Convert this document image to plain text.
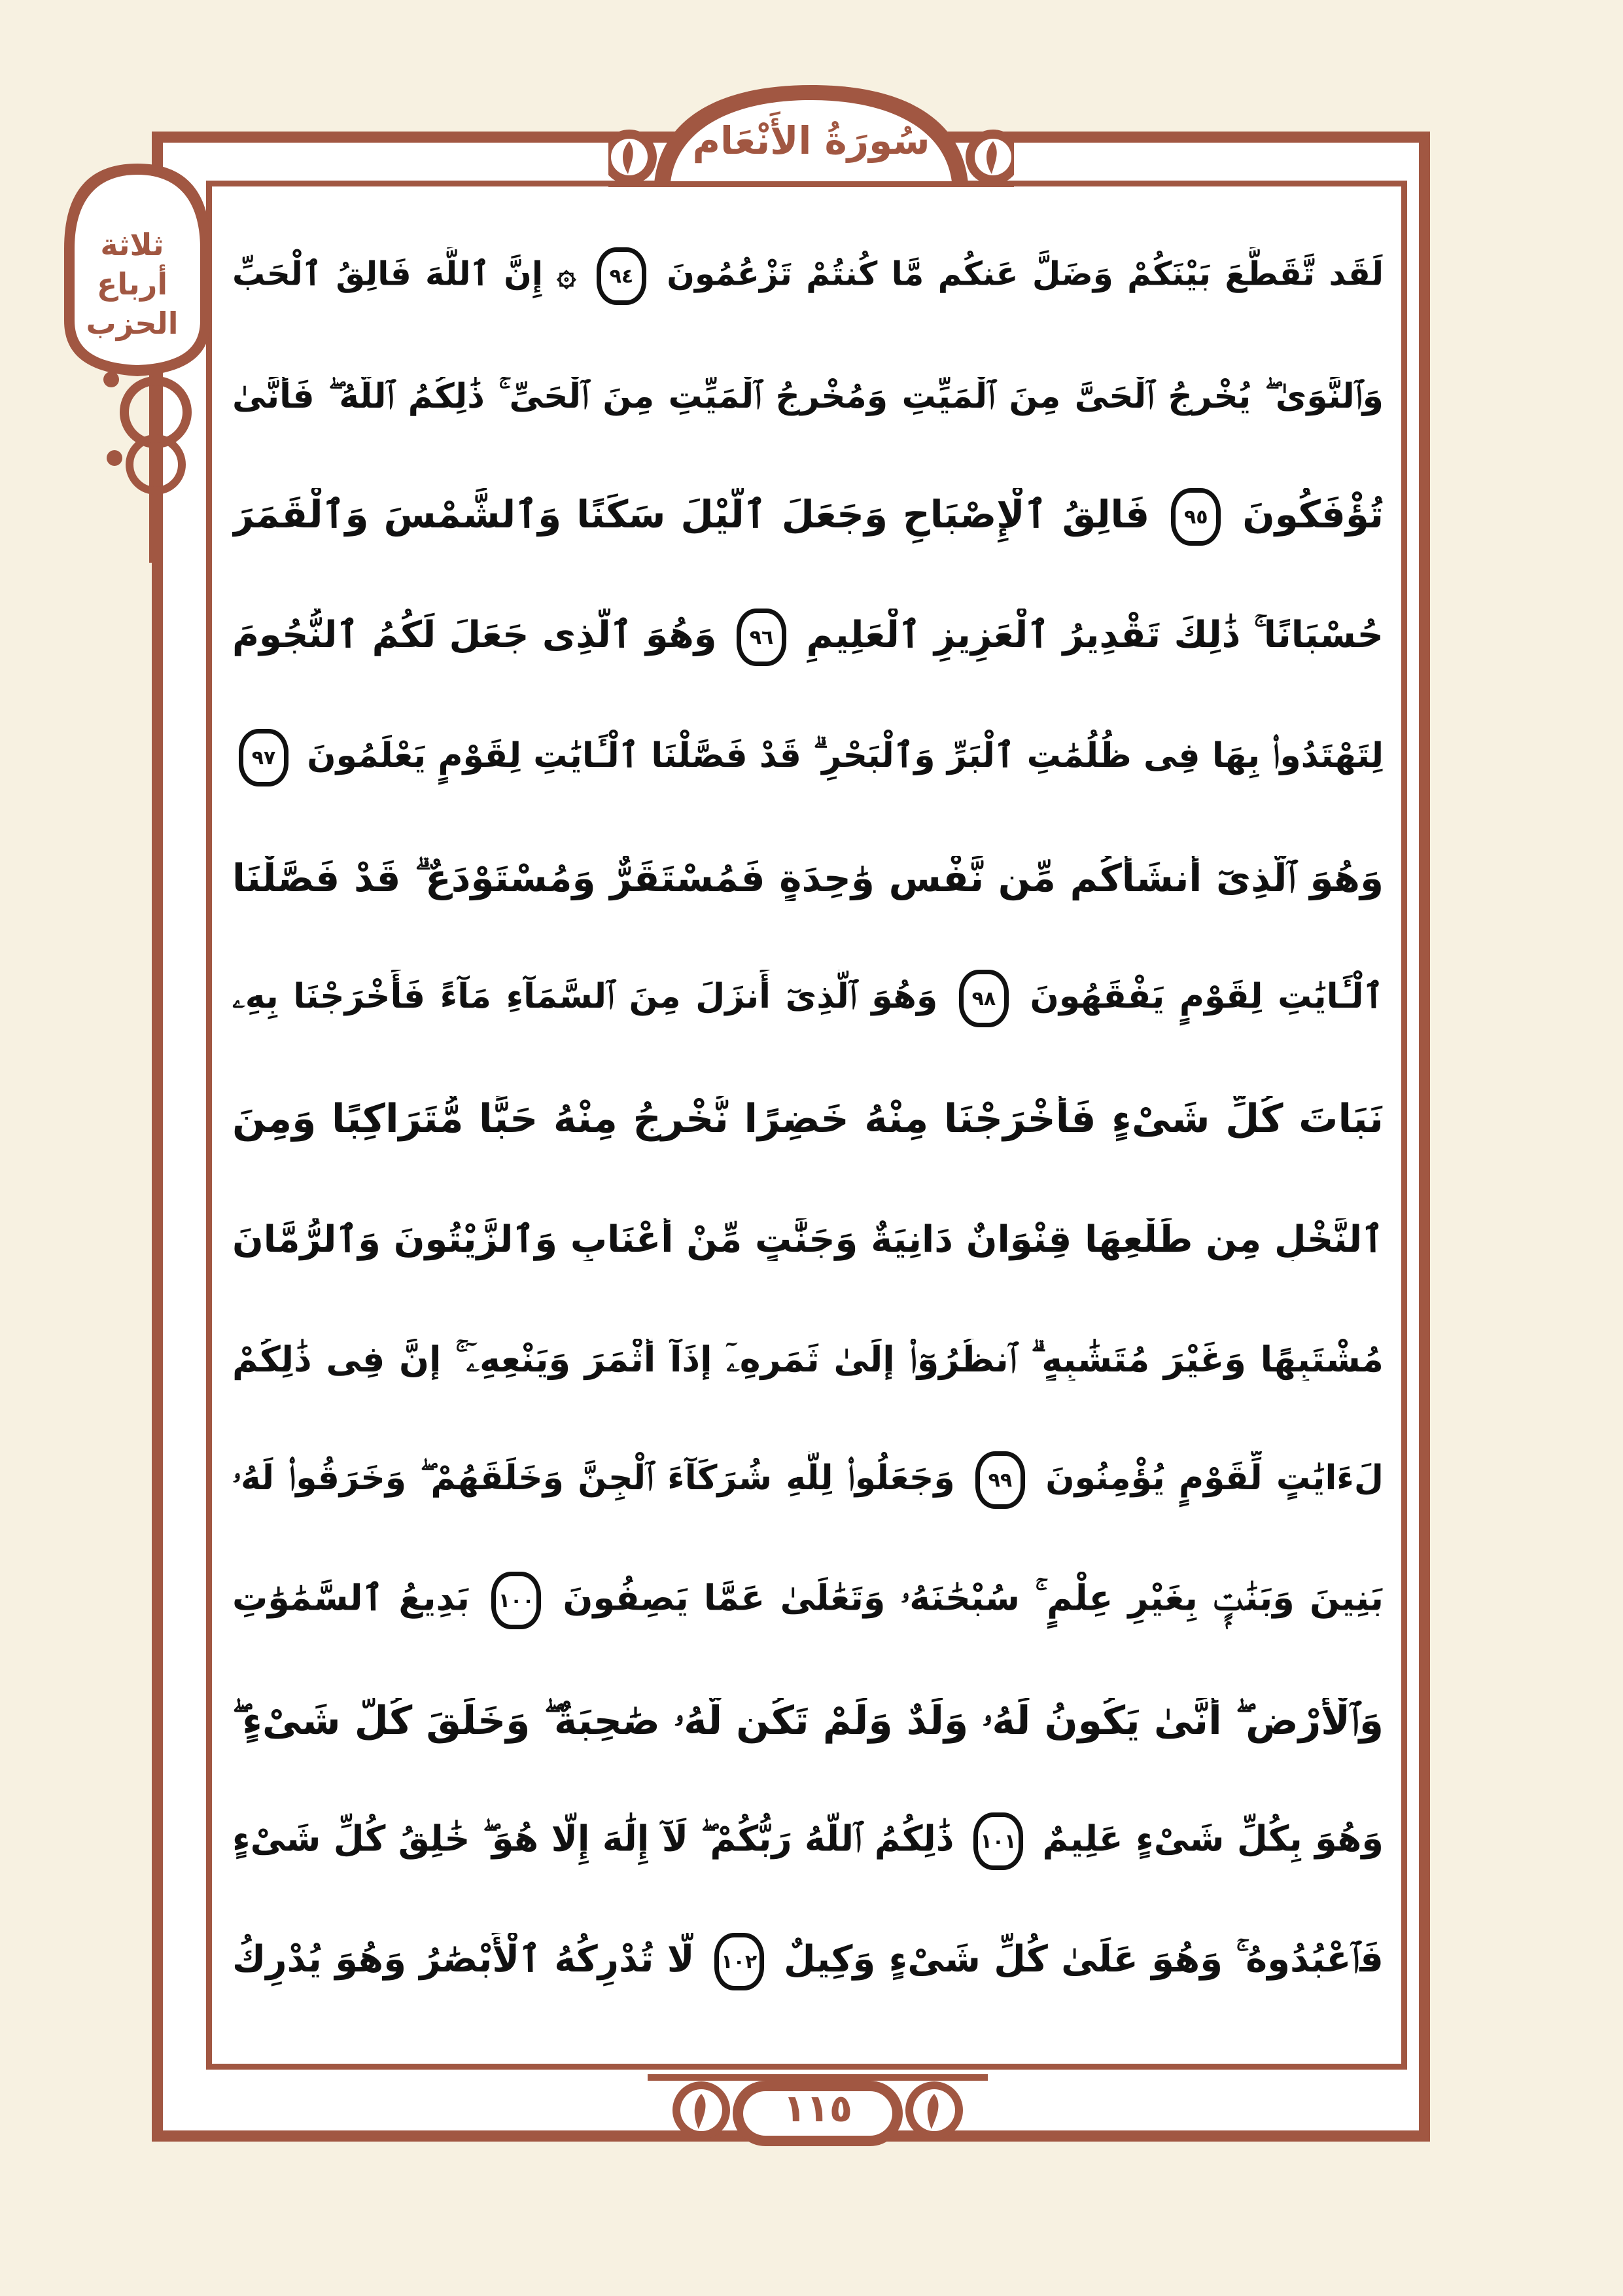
سُورَةُ الأَنْعَام
ثلاثة
أرباع
الحزب
١١٥
لَقَد تَّقَطَّعَ بَيْنَكُمْ وَضَلَّ عَنكُم مَّا كُنتُمْ تَزْعُمُونَ ٩٤ ۞ إِنَّ ٱللَّهَ فَالِقُ ٱلْحَبِّ
وَٱلنَّوَىٰ ۖ يُخْرِجُ ٱلْحَىَّ مِنَ ٱلْمَيِّتِ وَمُخْرِجُ ٱلْمَيِّتِ مِنَ ٱلْحَىِّ ۚ ذَٰلِكُمُ ٱللَّهُ ۖ فَأَنَّىٰ
تُؤْفَكُونَ ٩٥ فَالِقُ ٱلْإِصْبَاحِ وَجَعَلَ ٱلَّيْلَ سَكَنًا وَٱلشَّمْسَ وَٱلْقَمَرَ
حُسْبَانًا ۚ ذَٰلِكَ تَقْدِيرُ ٱلْعَزِيزِ ٱلْعَلِيمِ ٩٦ وَهُوَ ٱلَّذِى جَعَلَ لَكُمُ ٱلنُّجُومَ
لِتَهْتَدُوا۟ بِهَا فِى ظُلُمَٰتِ ٱلْبَرِّ وَٱلْبَحْرِ ۗ قَدْ فَصَّلْنَا ٱلْـَٔايَٰتِ لِقَوْمٍ يَعْلَمُونَ ٩٧
وَهُوَ ٱلَّذِىٓ أَنشَأَكُم مِّن نَّفْسٍ وَٰحِدَةٍ فَمُسْتَقَرٌّ وَمُسْتَوْدَعٌ ۗ قَدْ فَصَّلْنَا
ٱلْـَٔايَٰتِ لِقَوْمٍ يَفْقَهُونَ ٩٨ وَهُوَ ٱلَّذِىٓ أَنزَلَ مِنَ ٱلسَّمَآءِ مَآءً فَأَخْرَجْنَا بِهِۦ
نَبَاتَ كُلِّ شَىْءٍ فَأَخْرَجْنَا مِنْهُ خَضِرًا نُّخْرِجُ مِنْهُ حَبًّا مُّتَرَاكِبًا وَمِنَ
ٱلنَّخْلِ مِن طَلْعِهَا قِنْوَانٌ دَانِيَةٌ وَجَنَّٰتٍ مِّنْ أَعْنَابٍ وَٱلزَّيْتُونَ وَٱلرُّمَّانَ
مُشْتَبِهًا وَغَيْرَ مُتَشَٰبِهٍ ۗ ٱنظُرُوٓا۟ إِلَىٰ ثَمَرِهِۦٓ إِذَآ أَثْمَرَ وَيَنْعِهِۦٓ ۚ إِنَّ فِى ذَٰلِكُمْ
لَءَايَٰتٍ لِّقَوْمٍ يُؤْمِنُونَ ٩٩ وَجَعَلُوا۟ لِلَّهِ شُرَكَآءَ ٱلْجِنَّ وَخَلَقَهُمْ ۖ وَخَرَقُوا۟ لَهُۥ
بَنِينَ وَبَنَٰتٍۭ بِغَيْرِ عِلْمٍ ۚ سُبْحَٰنَهُۥ وَتَعَٰلَىٰ عَمَّا يَصِفُونَ ١٠٠ بَدِيعُ ٱلسَّمَٰوَٰتِ
وَٱلْأَرْضِ ۖ أَنَّىٰ يَكُونُ لَهُۥ وَلَدٌ وَلَمْ تَكُن لَّهُۥ صَٰحِبَةٌ ۖ وَخَلَقَ كُلَّ شَىْءٍ ۖ
وَهُوَ بِكُلِّ شَىْءٍ عَلِيمٌ ١٠١ ذَٰلِكُمُ ٱللَّهُ رَبُّكُمْ ۖ لَآ إِلَٰهَ إِلَّا هُوَ ۖ خَٰلِقُ كُلِّ شَىْءٍ
فَٱعْبُدُوهُ ۚ وَهُوَ عَلَىٰ كُلِّ شَىْءٍ وَكِيلٌ ١٠٢ لَّا تُدْرِكُهُ ٱلْأَبْصَٰرُ وَهُوَ يُدْرِكُ
